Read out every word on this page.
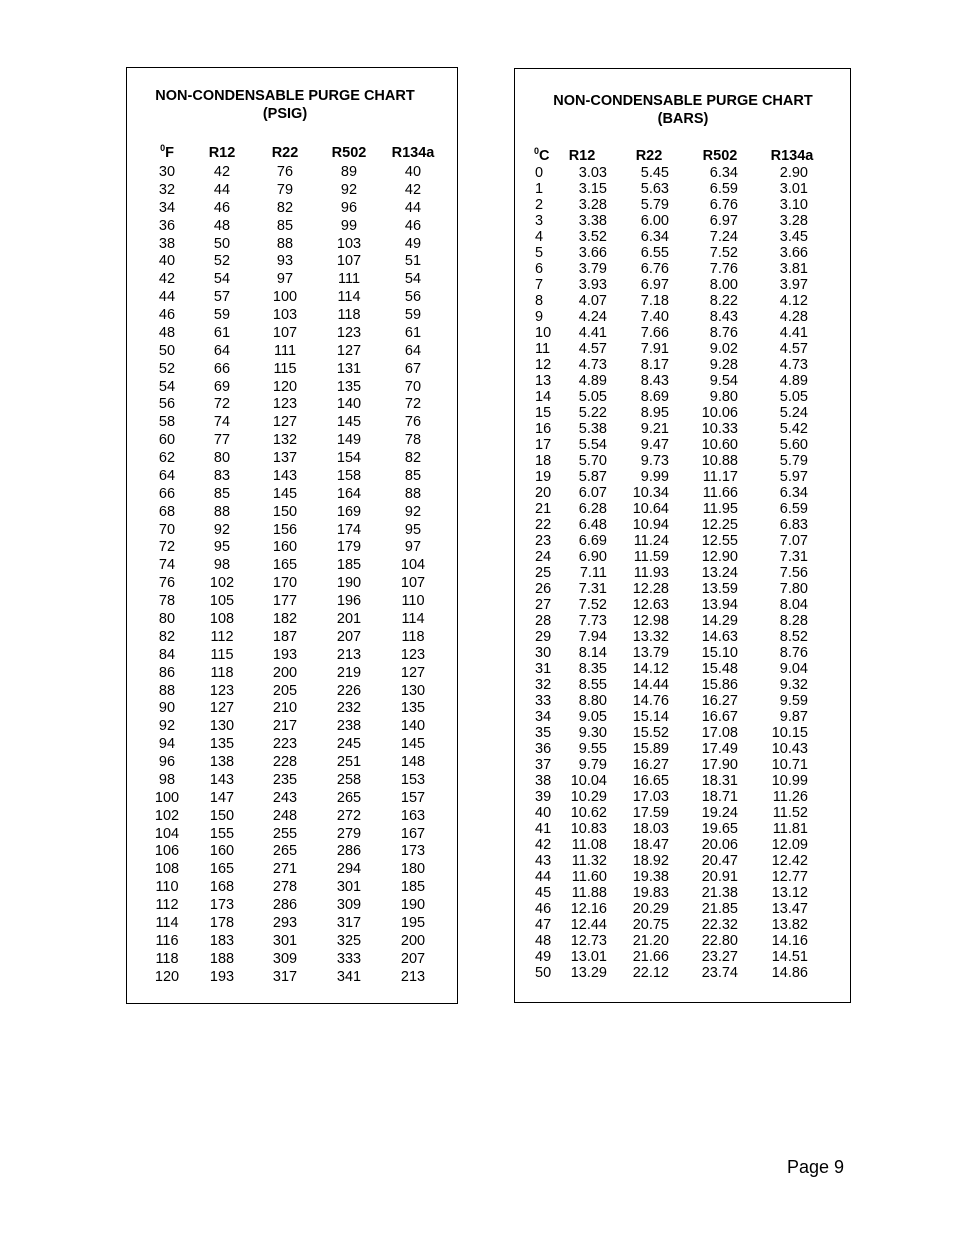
NON-CONDENSABLE PURGE CHART
(PSIG)
$^0$F	R12	R22	R502	R134a
30	42	76	89	40
32	44	79	92	42
34	46	82	96	44
36	48	85	99	46
38	50	88	103	49
40	52	93	107	51
42	54	97	111	54
44	57	100	114	56
46	59	103	118	59
48	61	107	123	61
50	64	111	127	64
52	66	115	131	67
54	69	120	135	70
56	72	123	140	72
58	74	127	145	76
60	77	132	149	78
62	80	137	154	82
64	83	143	158	85
66	85	145	164	88
68	88	150	169	92
70	92	156	174	95
72	95	160	179	97
74	98	165	185	104
76	102	170	190	107
78	105	177	196	110
80	108	182	201	114
82	112	187	207	118
84	115	193	213	123
86	118	200	219	127
88	123	205	226	130
90	127	210	232	135
92	130	217	238	140
94	135	223	245	145
96	138	228	251	148
98	143	235	258	153
100	147	243	265	157
102	150	248	272	163
104	155	255	279	167
106	160	265	286	173
108	165	271	294	180
110	168	278	301	185
112	173	286	309	190
114	178	293	317	195
116	183	301	325	200
118	188	309	333	207
120	193	317	341	213
NON-CONDENSABLE PURGE CHART
(BARS)
$^0$C	R12	R22	R502	R134a
0	3.03	5.45	6.34	2.90
1	3.15	5.63	6.59	3.01
2	3.28	5.79	6.76	3.10
3	3.38	6.00	6.97	3.28
4	3.52	6.34	7.24	3.45
5	3.66	6.55	7.52	3.66
6	3.79	6.76	7.76	3.81
7	3.93	6.97	8.00	3.97
8	4.07	7.18	8.22	4.12
9	4.24	7.40	8.43	4.28
10	4.41	7.66	8.76	4.41
11	4.57	7.91	9.02	4.57
12	4.73	8.17	9.28	4.73
13	4.89	8.43	9.54	4.89
14	5.05	8.69	9.80	5.05
15	5.22	8.95	10.06	5.24
16	5.38	9.21	10.33	5.42
17	5.54	9.47	10.60	5.60
18	5.70	9.73	10.88	5.79
19	5.87	9.99	11.17	5.97
20	6.07	10.34	11.66	6.34
21	6.28	10.64	11.95	6.59
22	6.48	10.94	12.25	6.83
23	6.69	11.24	12.55	7.07
24	6.90	11.59	12.90	7.31
25	7.11	11.93	13.24	7.56
26	7.31	12.28	13.59	7.80
27	7.52	12.63	13.94	8.04
28	7.73	12.98	14.29	8.28
29	7.94	13.32	14.63	8.52
30	8.14	13.79	15.10	8.76
31	8.35	14.12	15.48	9.04
32	8.55	14.44	15.86	9.32
33	8.80	14.76	16.27	9.59
34	9.05	15.14	16.67	9.87
35	9.30	15.52	17.08	10.15
36	9.55	15.89	17.49	10.43
37	9.79	16.27	17.90	10.71
38	10.04	16.65	18.31	10.99
39	10.29	17.03	18.71	11.26
40	10.62	17.59	19.24	11.52
41	10.83	18.03	19.65	11.81
42	11.08	18.47	20.06	12.09
43	11.32	18.92	20.47	12.42
44	11.60	19.38	20.91	12.77
45	11.88	19.83	21.38	13.12
46	12.16	20.29	21.85	13.47
47	12.44	20.75	22.32	13.82
48	12.73	21.20	22.80	14.16
49	13.01	21.66	23.27	14.51
50	13.29	22.12	23.74	14.86
Page 9
